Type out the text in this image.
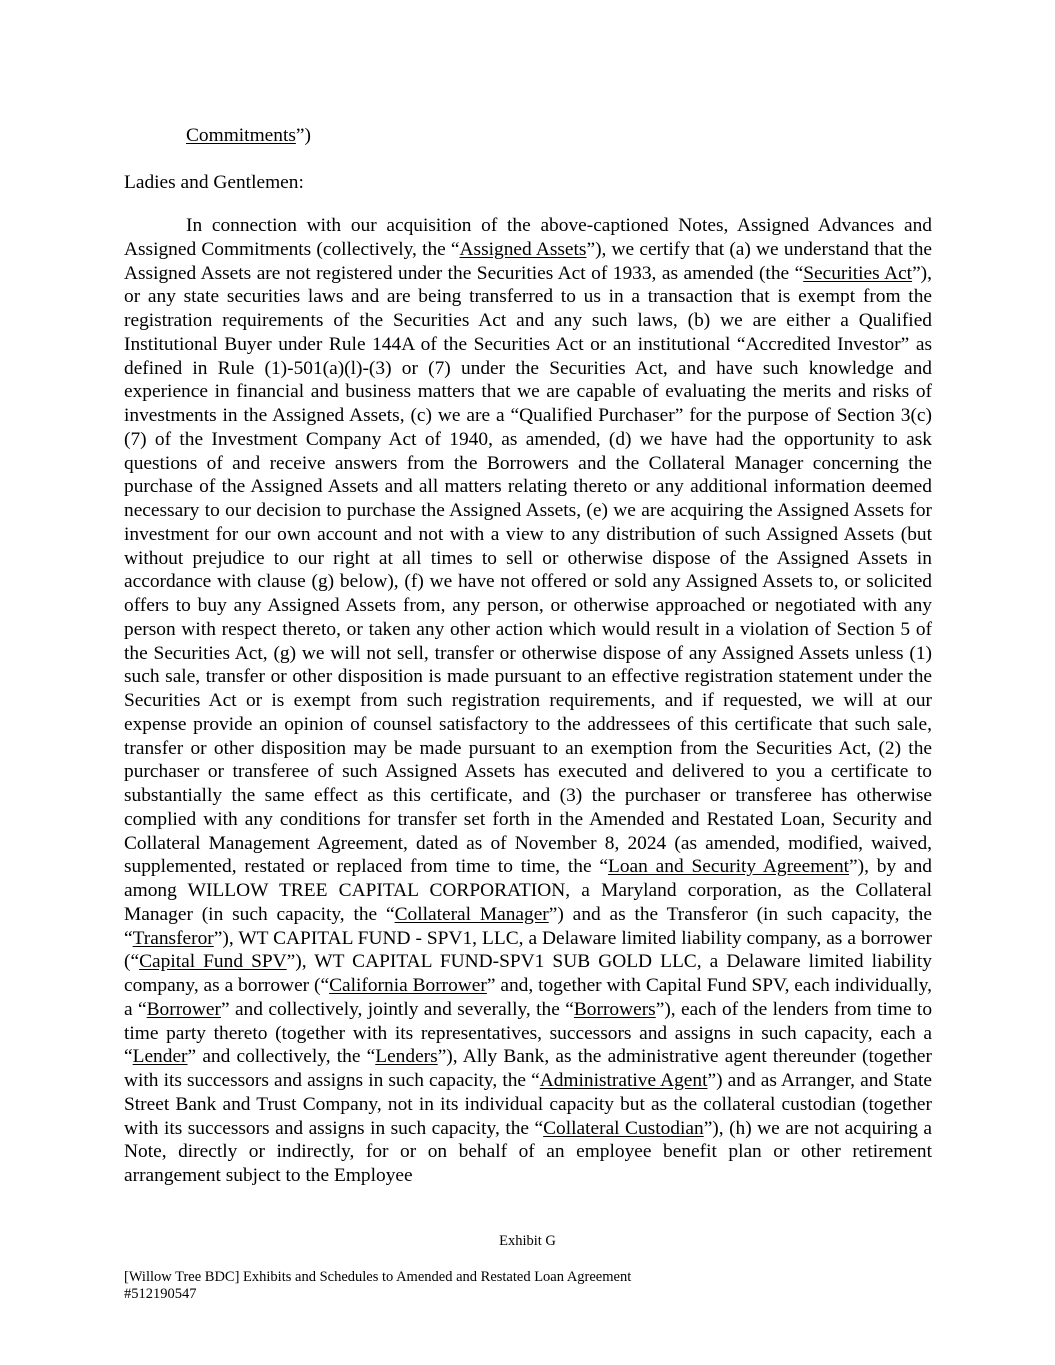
Commitments”)
Ladies and Gentlemen:

In connection with our acquisition of the above-captioned Notes, Assigned Advances and Assigned Commitments (collectively, the “Assigned Assets”), we certify that (a) we understand that the Assigned Assets are not registered under the Securities Act of 1933, as amended (the “Securities Act”), or any state securities laws and are being transferred to us in a transaction that is exempt from the registration requirements of the Securities Act and any such laws, (b) we are either a Qualified Institutional Buyer under Rule 144A of the Securities Act or an institutional “Accredited Investor” as defined in Rule (1)-501(a)(l)-(3) or (7) under the Securities Act, and have such knowledge and experience in financial and business matters that we are capable of evaluating the merits and risks of investments in the Assigned Assets, (c) we are a “Qualified Purchaser” for the purpose of Section 3(c)(7) of the Investment Company Act of 1940, as amended, (d) we have had the opportunity to ask questions of and receive answers from the Borrowers and the Collateral Manager concerning the purchase of the Assigned Assets and all matters relating thereto or any additional information deemed necessary to our decision to purchase the Assigned Assets, (e) we are acquiring the Assigned Assets for investment for our own account and not with a view to any distribution of such Assigned Assets (but without prejudice to our right at all times to sell or otherwise dispose of the Assigned Assets in accordance with clause (g) below), (f) we have not offered or sold any Assigned Assets to, or solicited offers to buy any Assigned Assets from, any person, or otherwise approached or negotiated with any person with respect thereto, or taken any other action which would result in a violation of Section 5 of the Securities Act, (g) we will not sell, transfer or otherwise dispose of any Assigned Assets unless (1) such sale, transfer or other disposition is made pursuant to an effective registration statement under the Securities Act or is exempt from such registration requirements, and if requested, we will at our expense provide an opinion of counsel satisfactory to the addressees of this certificate that such sale, transfer or other disposition may be made pursuant to an exemption from the Securities Act, (2) the purchaser or transferee of such Assigned Assets has executed and delivered to you a certificate to substantially the same effect as this certificate, and (3) the purchaser or transferee has otherwise complied with any conditions for transfer set forth in the Amended and Restated Loan, Security and Collateral Management Agreement, dated as of November 8, 2024 (as amended, modified, waived, supplemented, restated or replaced from time to time, the “Loan and Security Agreement”), by and among WILLOW TREE CAPITAL CORPORATION, a Maryland corporation, as the Collateral Manager (in such capacity, the “Collateral Manager”) and as the Transferor (in such capacity, the “Transferor”), WT CAPITAL FUND - SPV1, LLC, a Delaware limited liability company, as a borrower (“Capital Fund SPV”), WT CAPITAL FUND-SPV1 SUB GOLD LLC, a Delaware limited liability company, as a borrower (“California Borrower” and, together with Capital Fund SPV, each individually, a “Borrower” and collectively, jointly and severally, the “Borrowers”), each of the lenders from time to time party thereto (together with its representatives, successors and assigns in such capacity, each a “Lender” and collectively, the “Lenders”), Ally Bank, as the administrative agent thereunder (together with its successors and assigns in such capacity, the “Administrative Agent”) and as Arranger, and State Street Bank and Trust Company, not in its individual capacity but as the collateral custodian (together with its successors and assigns in such capacity, the “Collateral Custodian”), (h) we are not acquiring a Note, directly or indirectly, for or on behalf of an employee benefit plan or other retirement arrangement subject to the Employee

Exhibit G
[Willow Tree BDC] Exhibits and Schedules to Amended and Restated Loan Agreement
#512190547
